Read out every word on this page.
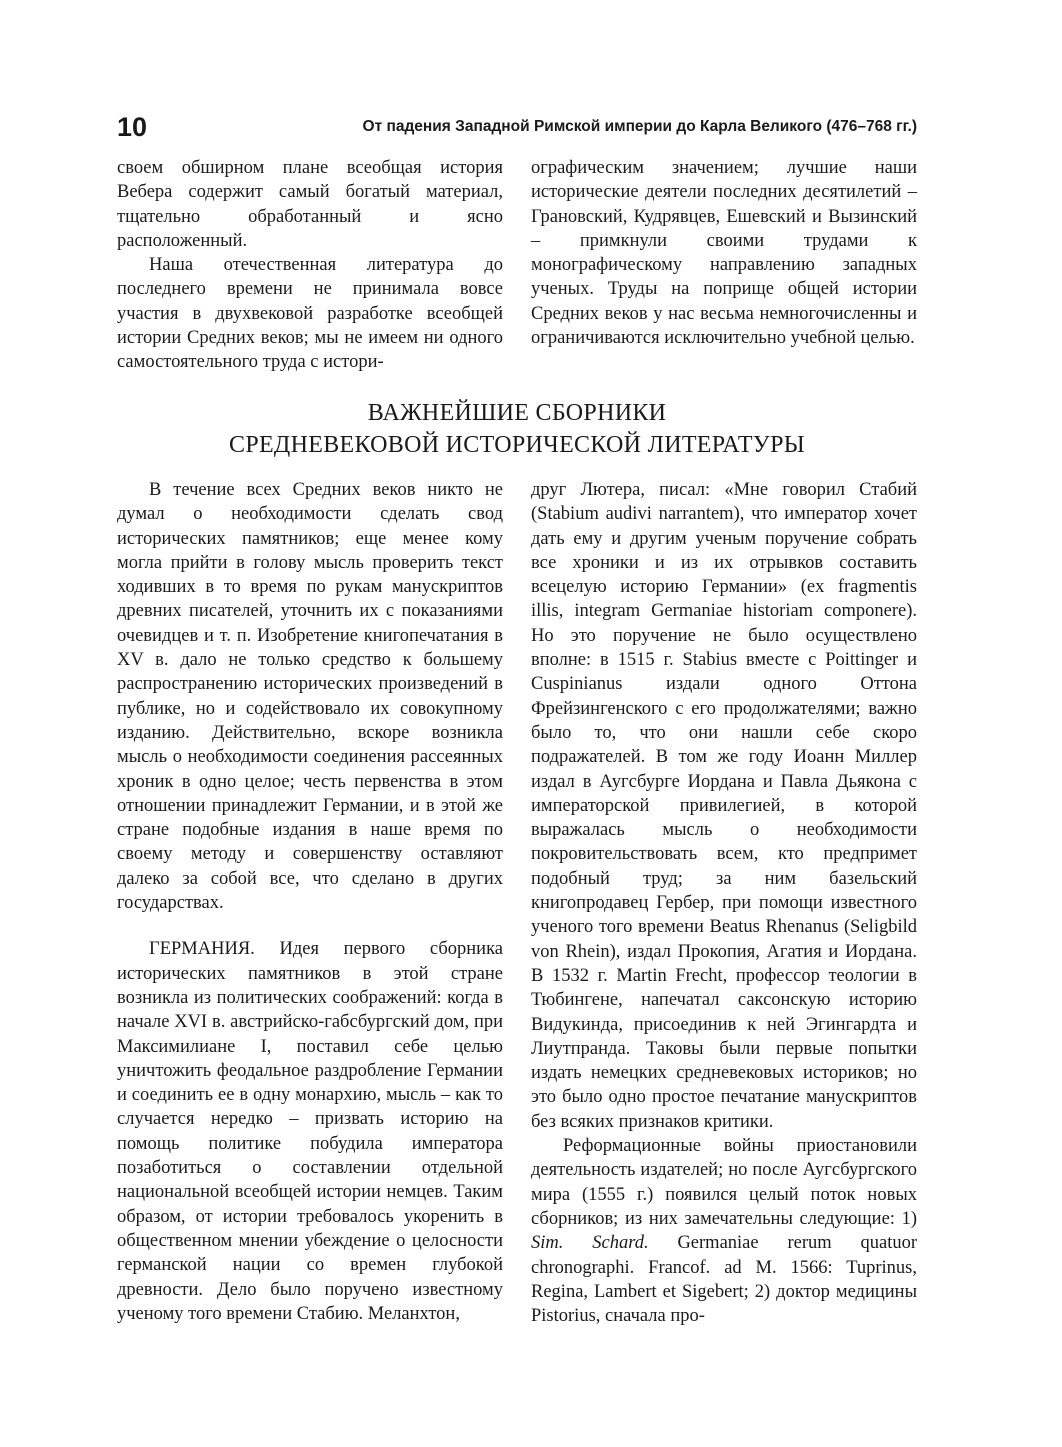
10	От падения Западной Римской империи до Карла Великого (476–768 гг.)

своем обширном плане всеобщая история Вебера содержит самый богатый материал, тщательно обработанный и ясно расположенный.

Наша отечественная литература до последнего времени не принимала вовсе участия в двухвековой разработке всеобщей истории Средних веков; мы не имеем ни одного самостоятельного труда с истори-

ографическим значением; лучшие наши исторические деятели последних десятилетий – Грановский, Кудрявцев, Ешевский и Вызинский – примкнули своими трудами к монографическому направлению западных ученых. Труды на поприще общей истории Средних веков у нас весьма немногочисленны и ограничиваются исключительно учебной целью.

ВАЖНЕЙШИЕ СБОРНИКИ
СРЕДНЕВЕКОВОЙ ИСТОРИЧЕСКОЙ ЛИТЕРАТУРЫ

В течение всех Средних веков никто не думал о необходимости сделать свод исторических памятников; еще менее кому могла прийти в голову мысль проверить текст ходивших в то время по рукам манускриптов древних писателей, уточнить их с показаниями очевидцев и т. п. Изобретение книгопечатания в XV в. дало не только средство к большему распространению исторических произведений в публике, но и содействовало их совокупному изданию. Действительно, вскоре возникла мысль о необходимости соединения рассеянных хроник в одно целое; честь первенства в этом отношении принадлежит Германии, и в этой же стране подобные издания в наше время по своему методу и совершенству оставляют далеко за собой все, что сделано в других государствах.

ГЕРМАНИЯ. Идея первого сборника исторических памятников в этой стране возникла из политических соображений: когда в начале XVI в. австрийско-габсбургский дом, при Максимилиане I, поставил себе целью уничтожить феодальное раздробление Германии и соединить ее в одну монархию, мысль – как то случается нередко – призвать историю на помощь политике побудила императора позаботиться о составлении отдельной национальной всеобщей истории немцев. Таким образом, от истории требовалось укоренить в общественном мнении убеждение о целосности германской нации со времен глубокой древности. Дело было поручено известному ученому того времени Стабию. Меланхтон,

друг Лютера, писал: «Мне говорил Стабий (Stabium audivi narrantem), что император хочет дать ему и другим ученым поручение собрать все хроники и из их отрывков составить всецелую историю Германии» (ex fragmentis illis, integram Germaniae historiam componere). Но это поручение не было осуществлено вполне: в 1515 г. Stabius вместе с Poittinger и Cuspinianus издали одного Оттона Фрейзингенского с его продолжателями; важно было то, что они нашли себе скоро подражателей. В том же году Иоанн Миллер издал в Аугсбурге Иордана и Павла Дьякона с императорской привилегией, в которой выражалась мысль о необходимости покровительствовать всем, кто предпримет подобный труд; за ним базельский книгопродавец Гербер, при помощи известного ученого того времени Beatus Rhenanus (Seligbild von Rhein), издал Прокопия, Агатия и Иордана. В 1532 г. Martin Frecht, профессор теологии в Тюбингене, напечатал саксонскую историю Видукинда, присоединив к ней Эгингардта и Лиутпранда. Таковы были первые попытки издать немецких средневековых историков; но это было одно простое печатание манускриптов без всяких признаков критики.

Реформационные войны приостановили деятельность издателей; но после Аугсбургского мира (1555 г.) появился целый поток новых сборников; из них замечательны следующие: 1) Sim. Schard. Germaniae rerum quatuor chronographi. Francof. ad M. 1566: Tuprinus, Regina, Lambert et Sigebert; 2) доктор медицины Pistorius, сначала про-
